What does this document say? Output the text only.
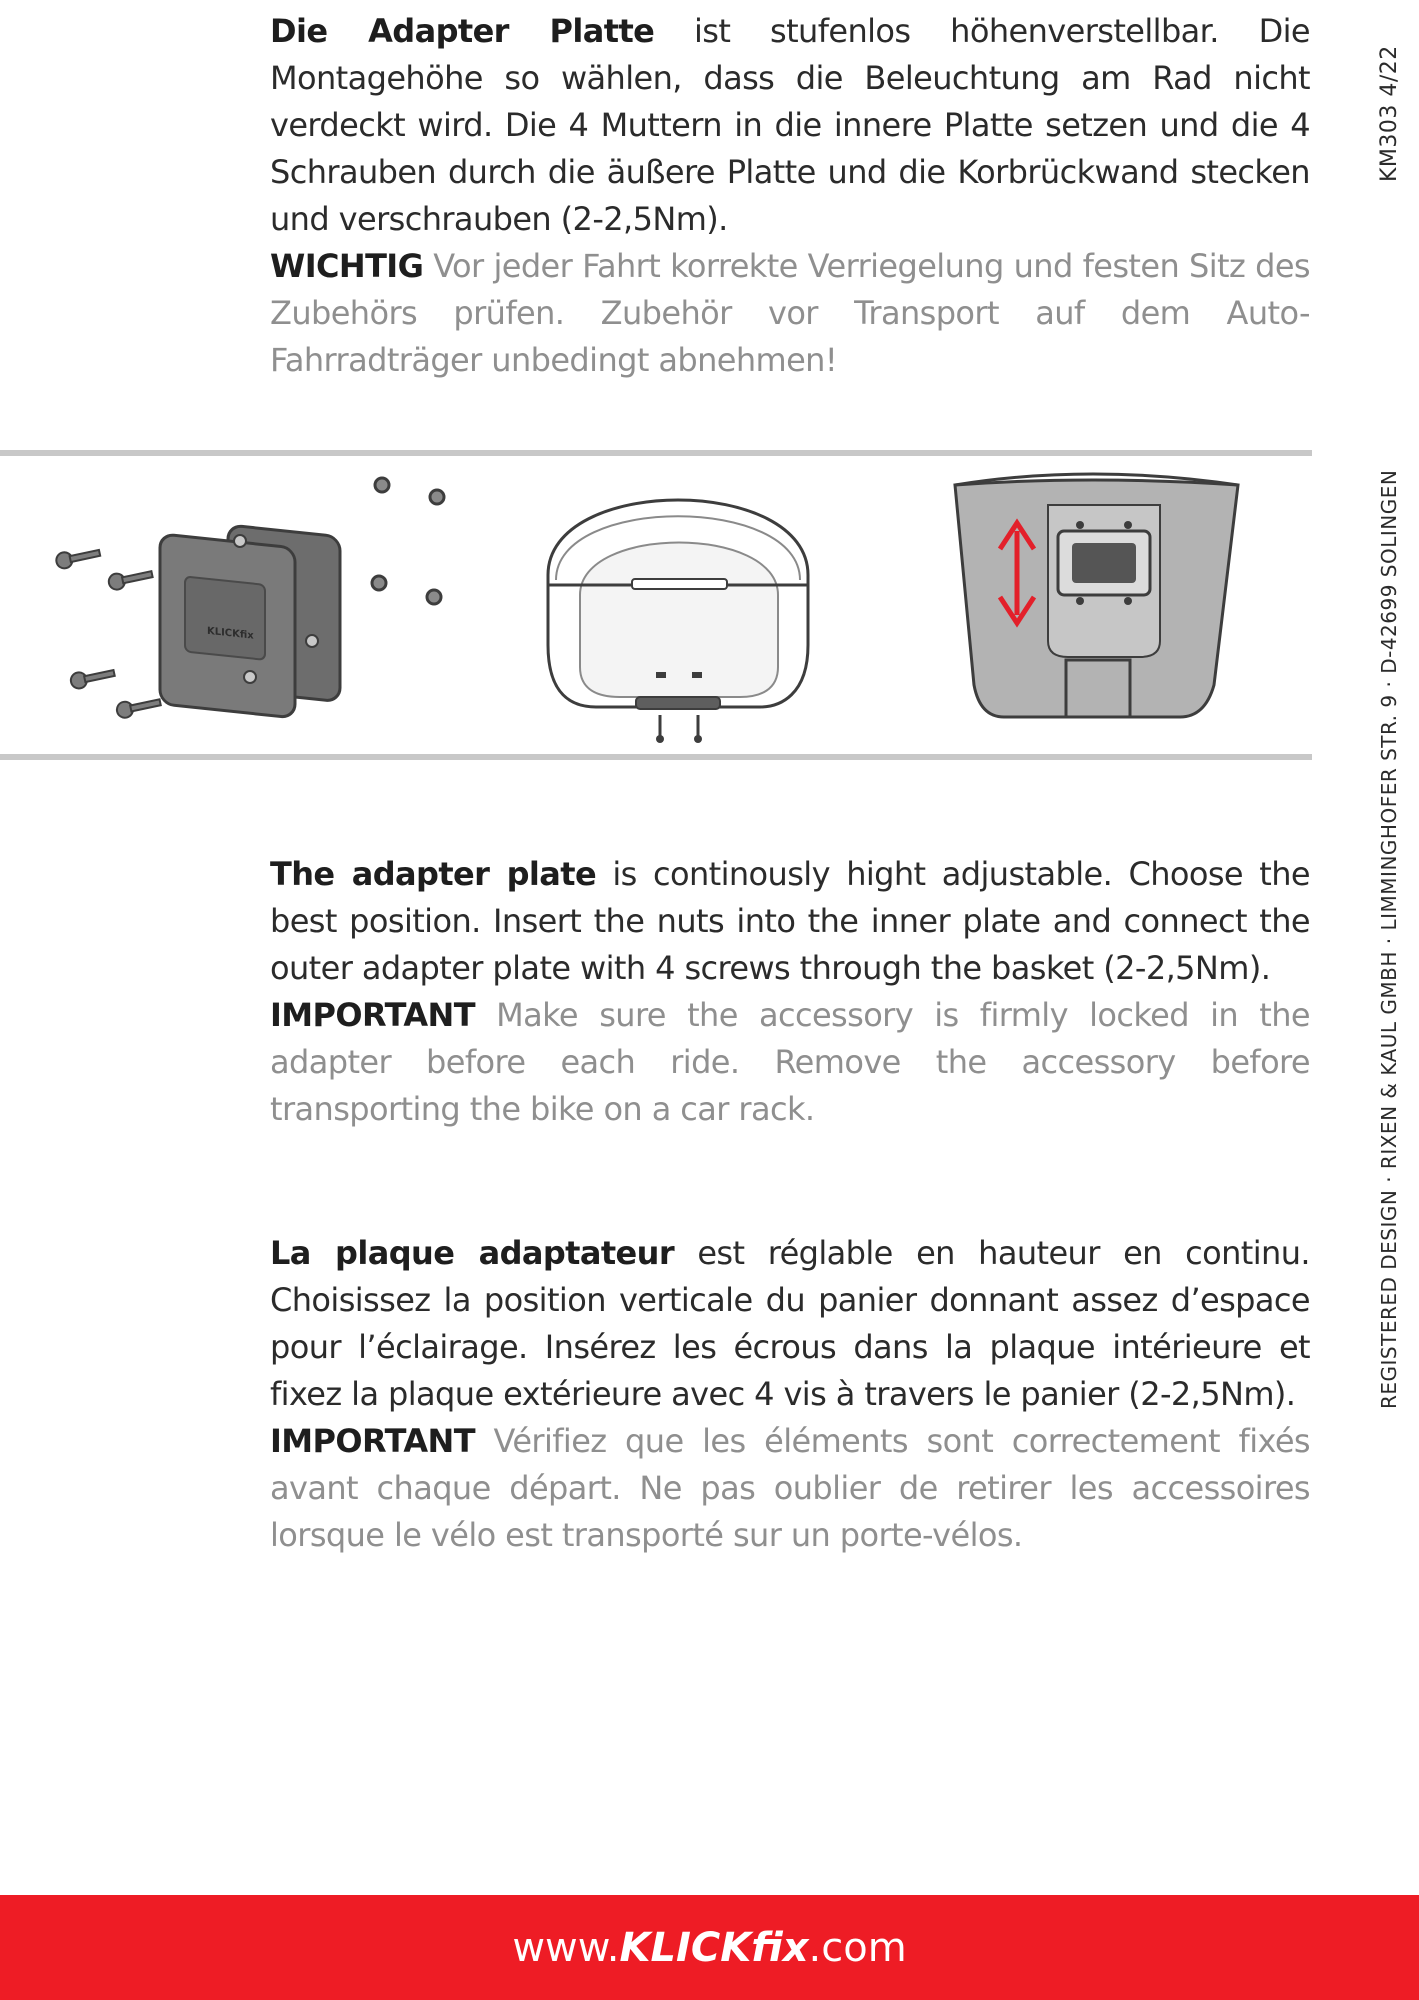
Die Adapter Platte ist stufenlos höhenverstellbar. Die Montagehöhe so wählen, dass die Beleuchtung am Rad nicht verdeckt wird. Die 4 Muttern in die innere Platte setzen und die 4 Schrauben durch die äußere Platte und die Korbrückwand stecken und verschrauben (2-2,5Nm).
WICHTIG Vor jeder Fahrt korrekte Verriegelung und festen Sitz des Zubehörs prüfen. Zubehör vor Transport auf dem Auto-Fahrradträger unbedingt abnehmen!
KLICKfix
The adapter plate is continously hight adjustable. Choose the best position. Insert the nuts into the inner plate and connect the outer adapter plate with 4 screws through the basket (2-2,5Nm).
IMPORTANT Make sure the accessory is firmly locked in the adapter before each ride. Remove the accessory before transporting the bike on a car rack.
La plaque adaptateur est réglable en hauteur en continu. Choisissez la position verticale du panier donnant assez d’espace pour l’éclairage. Insérez les écrous dans la plaque intérieure et fixez la plaque extérieure avec 4 vis à travers le panier (2-2,5Nm).
IMPORTANT Vérifiez que les éléments sont correctement fixés avant chaque départ. Ne pas oublier de retirer les accessoires lorsque le vélo est transporté sur un porte-vélos.
KM303 4/22
REGISTERED DESIGN · RIXEN & KAUL GMBH · LIMMINGHOFER STR. 9 · D-42699 SOLINGEN
www.KLICKfix.com
